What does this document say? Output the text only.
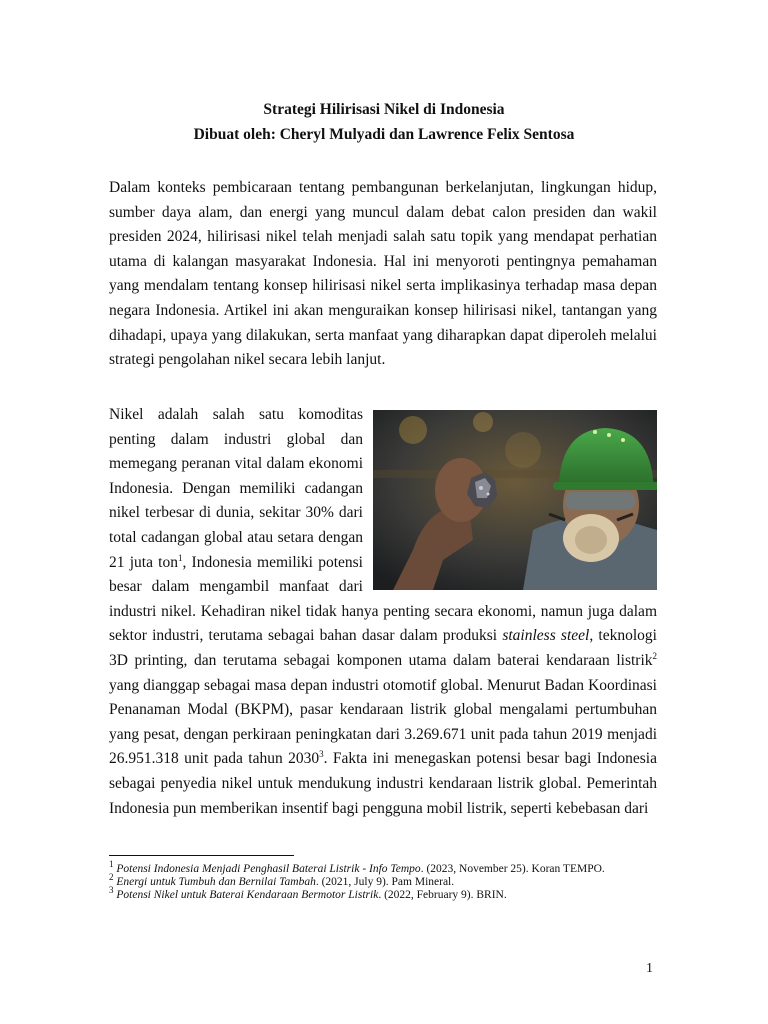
Strategi Hilirisasi Nikel di Indonesia
Dibuat oleh: Cheryl Mulyadi dan Lawrence Felix Sentosa

Dalam konteks pembicaraan tentang pembangunan berkelanjutan, lingkungan hidup, sumber daya alam, dan energi yang muncul dalam debat calon presiden dan wakil presiden 2024, hilirisasi nikel telah menjadi salah satu topik yang mendapat perhatian utama di kalangan masyarakat Indonesia. Hal ini menyoroti pentingnya pemahaman yang mendalam tentang konsep hilirisasi nikel serta implikasinya terhadap masa depan negara Indonesia. Artikel ini akan menguraikan konsep hilirisasi nikel, tantangan yang dihadapi, upaya yang dilakukan, serta manfaat yang diharapkan dapat diperoleh melalui strategi pengolahan nikel secara lebih lanjut.

Nikel adalah salah satu komoditas penting dalam industri global dan memegang peranan vital dalam ekonomi Indonesia. Dengan memiliki cadangan nikel terbesar di dunia, sekitar 30% dari total cadangan global atau setara dengan 21 juta ton$^1$, Indonesia memiliki potensi besar dalam mengambil manfaat dari industri nikel. Kehadiran nikel tidak hanya penting secara ekonomi, namun juga dalam sektor industri, terutama sebagai bahan dasar dalam produksi stainless steel, teknologi 3D printing, dan terutama sebagai komponen utama dalam baterai kendaraan listrik$^2$ yang dianggap sebagai masa depan industri otomotif global. Menurut Badan Koordinasi Penanaman Modal (BKPM), pasar kendaraan listrik global mengalami pertumbuhan yang pesat, dengan perkiraan peningkatan dari 3.269.671 unit pada tahun 2019 menjadi 26.951.318 unit pada tahun 2030$^3$. Fakta ini menegaskan potensi besar bagi Indonesia sebagai penyedia nikel untuk mendukung industri kendaraan listrik global. Pemerintah Indonesia pun memberikan insentif bagi pengguna mobil listrik, seperti kebebasan dari

$^1$ Potensi Indonesia Menjadi Penghasil Baterai Listrik - Info Tempo. (2023, November 25). Koran TEMPO.
$^2$ Energi untuk Tumbuh dan Bernilai Tambah. (2021, July 9). Pam Mineral.
$^3$ Potensi Nikel untuk Baterai Kendaraan Bermotor Listrik. (2022, February 9). BRIN.
1
